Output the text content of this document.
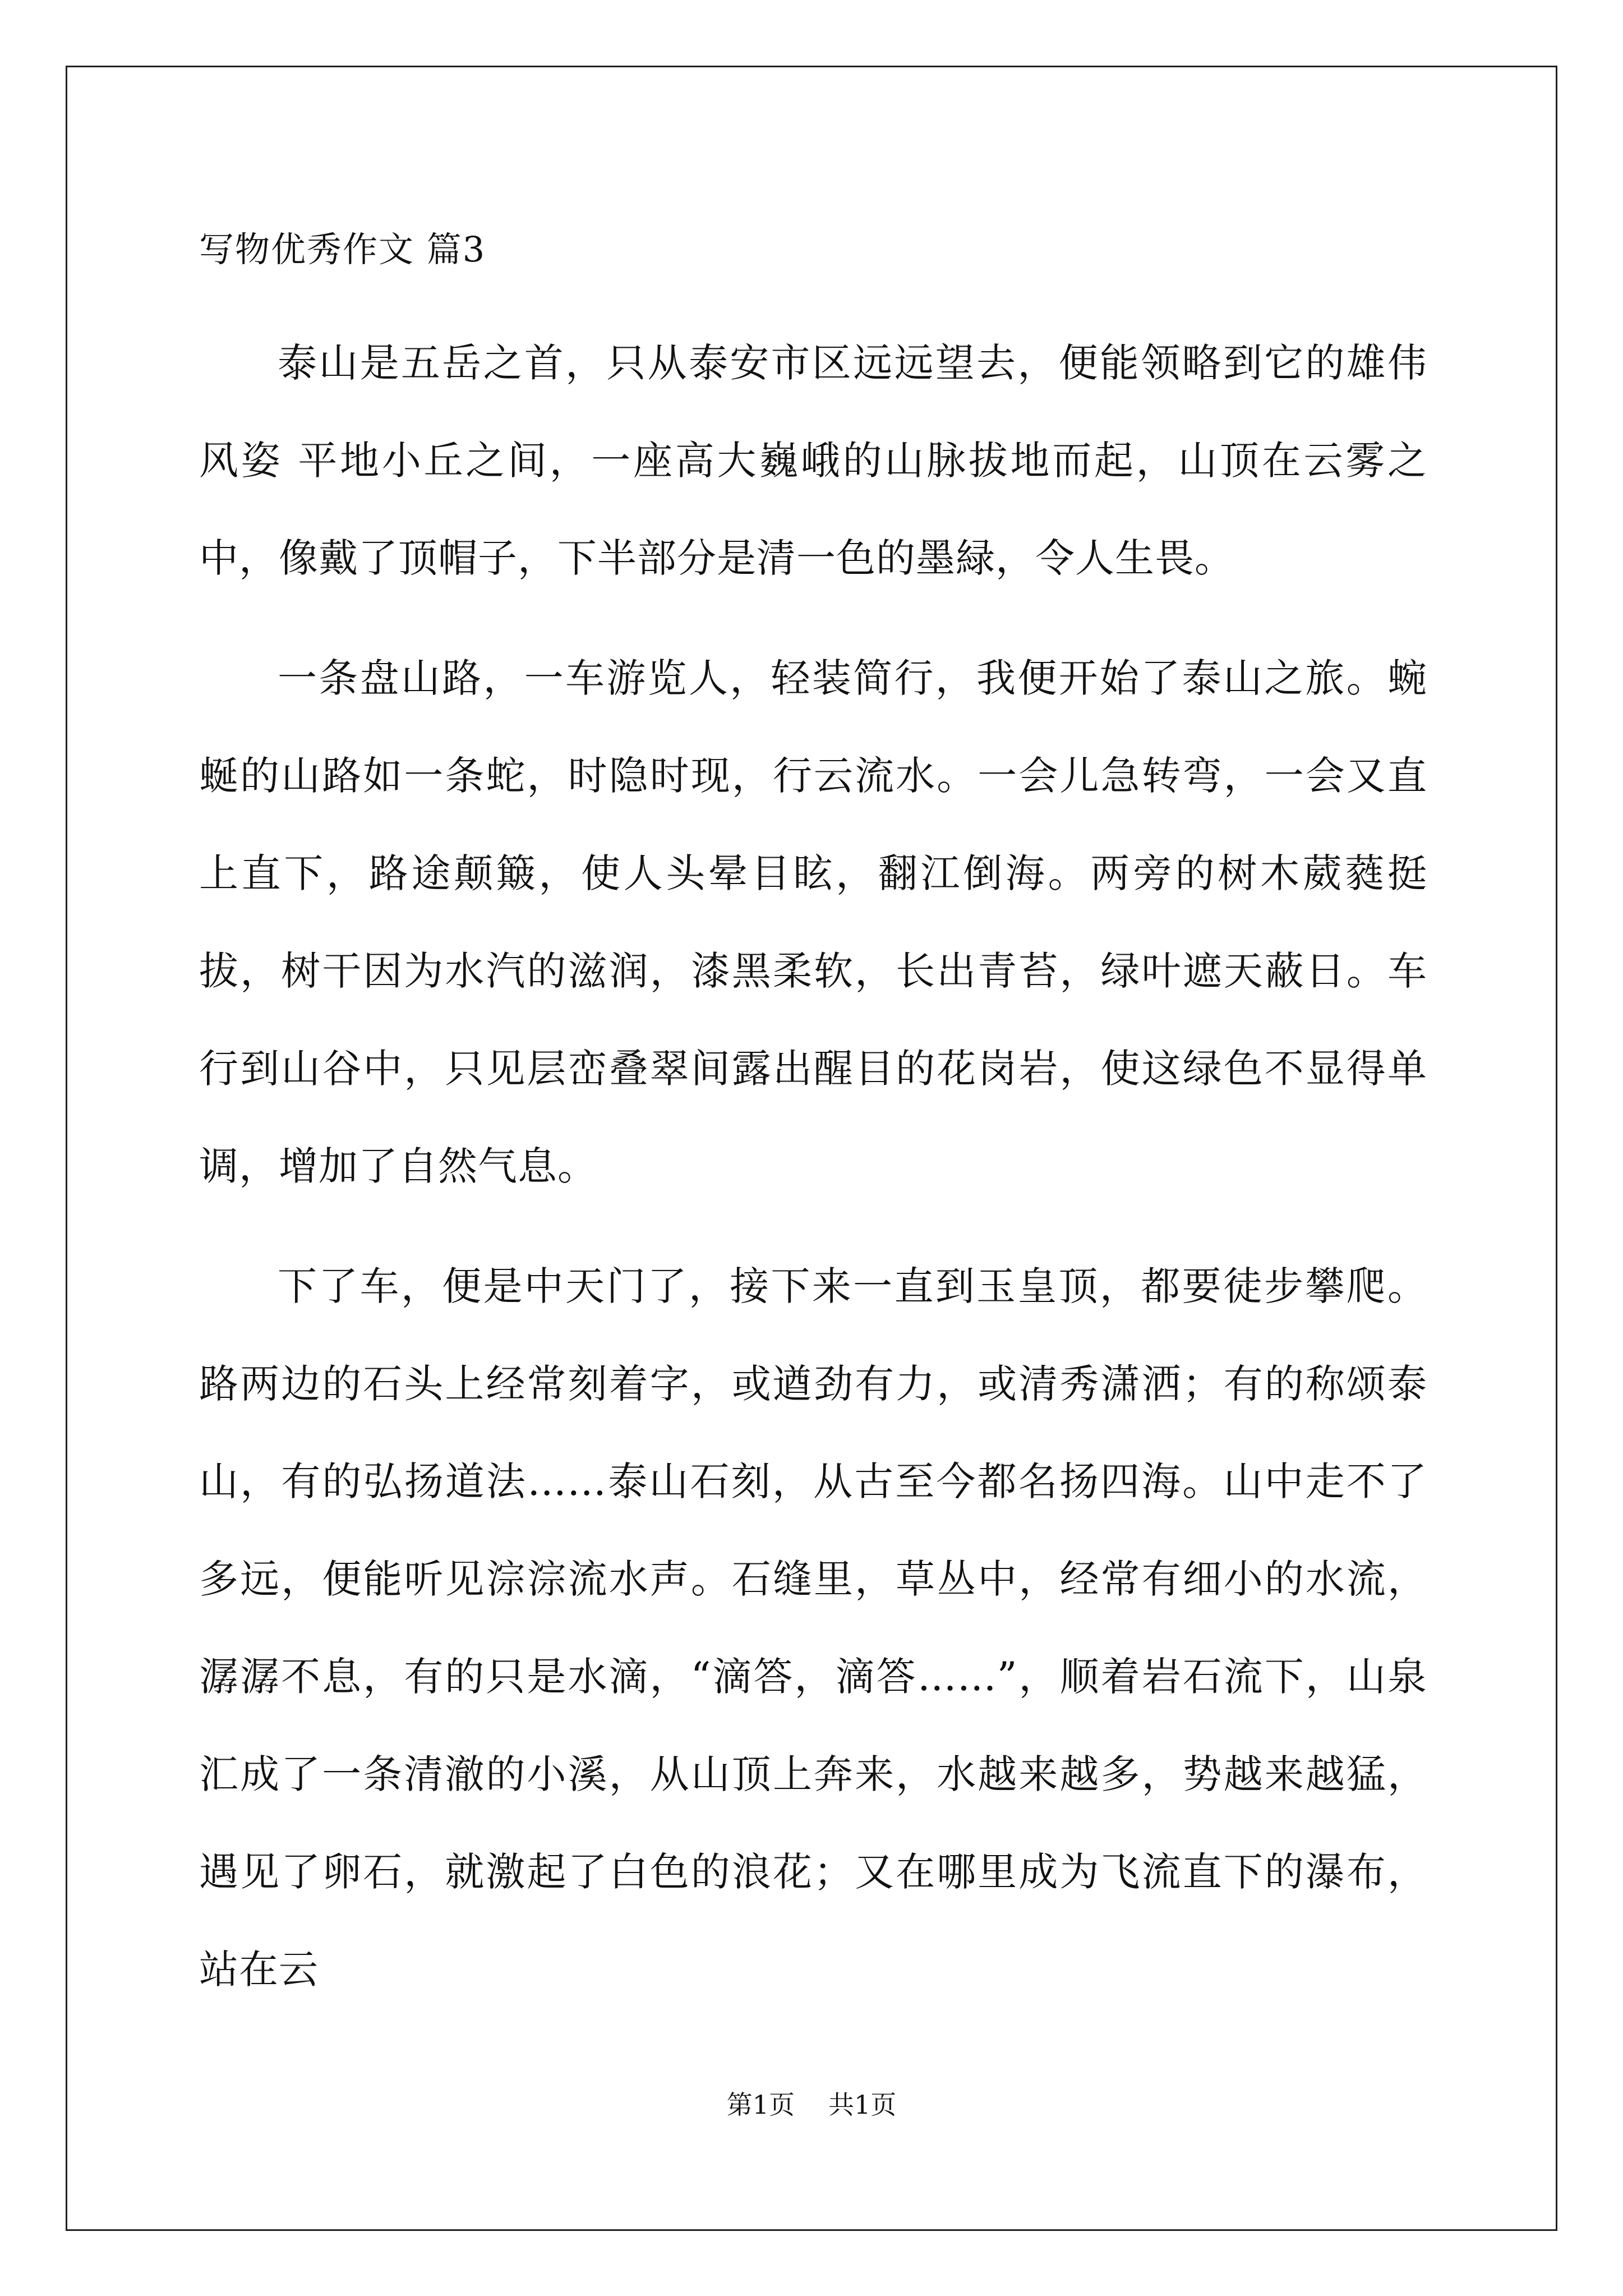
写物优秀作文 篇3

泰山是五岳之首，只从泰安市区远远望去，便能领略到它的雄伟风姿 平地小丘之间，一座高大巍峨的山脉拔地而起，山顶在云雾之中，像戴了顶帽子，下半部分是清一色的墨緑，令人生畏。

一条盘山路，一车游览人，轻装简行，我便开始了泰山之旅。蜿蜒的山路如一条蛇，时隐时现，行云流水。一会儿急转弯，一会又直上直下，路途颠簸，使人头晕目眩，翻江倒海。两旁的树木葳蕤挺拔，树干因为水汽的滋润，漆黑柔软，长出青苔，绿叶遮天蔽日。车行到山谷中，只见层峦叠翠间露出醒目的花岗岩，使这绿色不显得单调，增加了自然气息。

下了车，便是中天门了，接下来一直到玉皇顶，都要徒步攀爬。路两边的石头上经常刻着字，或遒劲有力，或清秀潇洒；有的称颂泰山，有的弘扬道法……泰山石刻，从古至今都名扬四海。山中走不了多远，便能听见淙淙流水声。石缝里，草丛中，经常有细小的水流，潺潺不息，有的只是水滴，“滴答，滴答……”，顺着岩石流下，山泉汇成了一条清澈的小溪，从山顶上奔来，水越来越多，势越来越猛，遇见了卵石，就激起了白色的浪花；又在哪里成为飞流直下的瀑布，站在云

第1页 共1页
